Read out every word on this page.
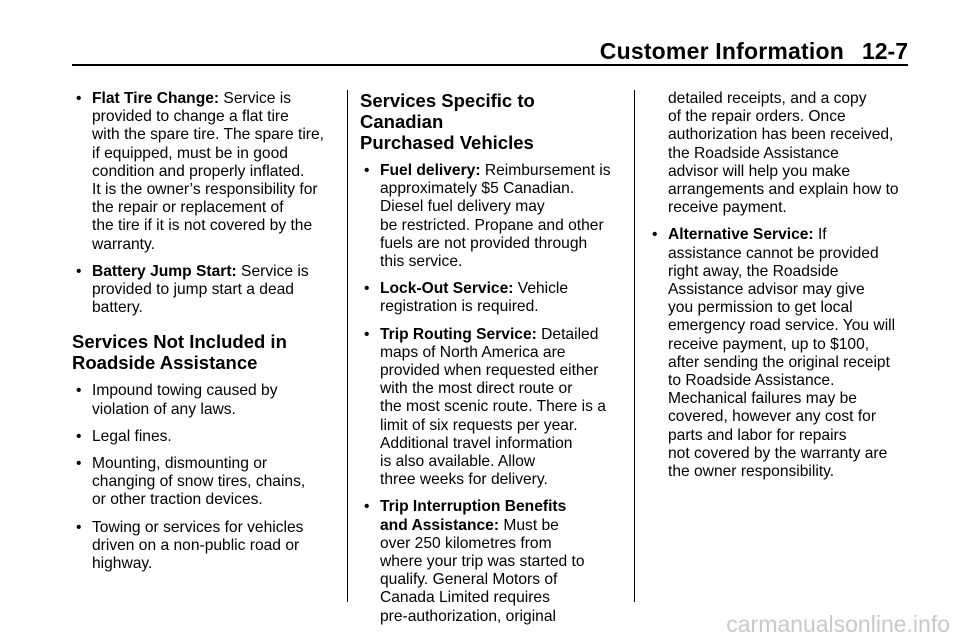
Customer Information 12-7
• Flat Tire Change: Service is
provided to change a flat tire
with the spare tire. The spare tire,
if equipped, must be in good
condition and properly inflated.
It is the owner’s responsibility for
the repair or replacement of
the tire if it is not covered by the
warranty.
• Battery Jump Start: Service is
provided to jump start a dead
battery.
Services Not Included in
Roadside Assistance
• Impound towing caused by
violation of any laws.
• Legal fines.
• Mounting, dismounting or
changing of snow tires, chains,
or other traction devices.
• Towing or services for vehicles
driven on a non-public road or
highway.
Services Specific to Canadian
Purchased Vehicles
• Fuel delivery: Reimbursement is
approximately $5 Canadian.
Diesel fuel delivery may
be restricted. Propane and other
fuels are not provided through
this service.
• Lock-Out Service: Vehicle
registration is required.
• Trip Routing Service: Detailed
maps of North America are
provided when requested either
with the most direct route or
the most scenic route. There is a
limit of six requests per year.
Additional travel information
is also available. Allow
three weeks for delivery.
• Trip Interruption Benefits
and Assistance: Must be
over 250 kilometres from
where your trip was started to
qualify. General Motors of
Canada Limited requires
pre-authorization, original
detailed receipts, and a copy
of the repair orders. Once
authorization has been received,
the Roadside Assistance
advisor will help you make
arrangements and explain how to
receive payment.
• Alternative Service: If
assistance cannot be provided
right away, the Roadside
Assistance advisor may give
you permission to get local
emergency road service. You will
receive payment, up to $100,
after sending the original receipt
to Roadside Assistance.
Mechanical failures may be
covered, however any cost for
parts and labor for repairs
not covered by the warranty are
the owner responsibility.
carmanualsonline.info
